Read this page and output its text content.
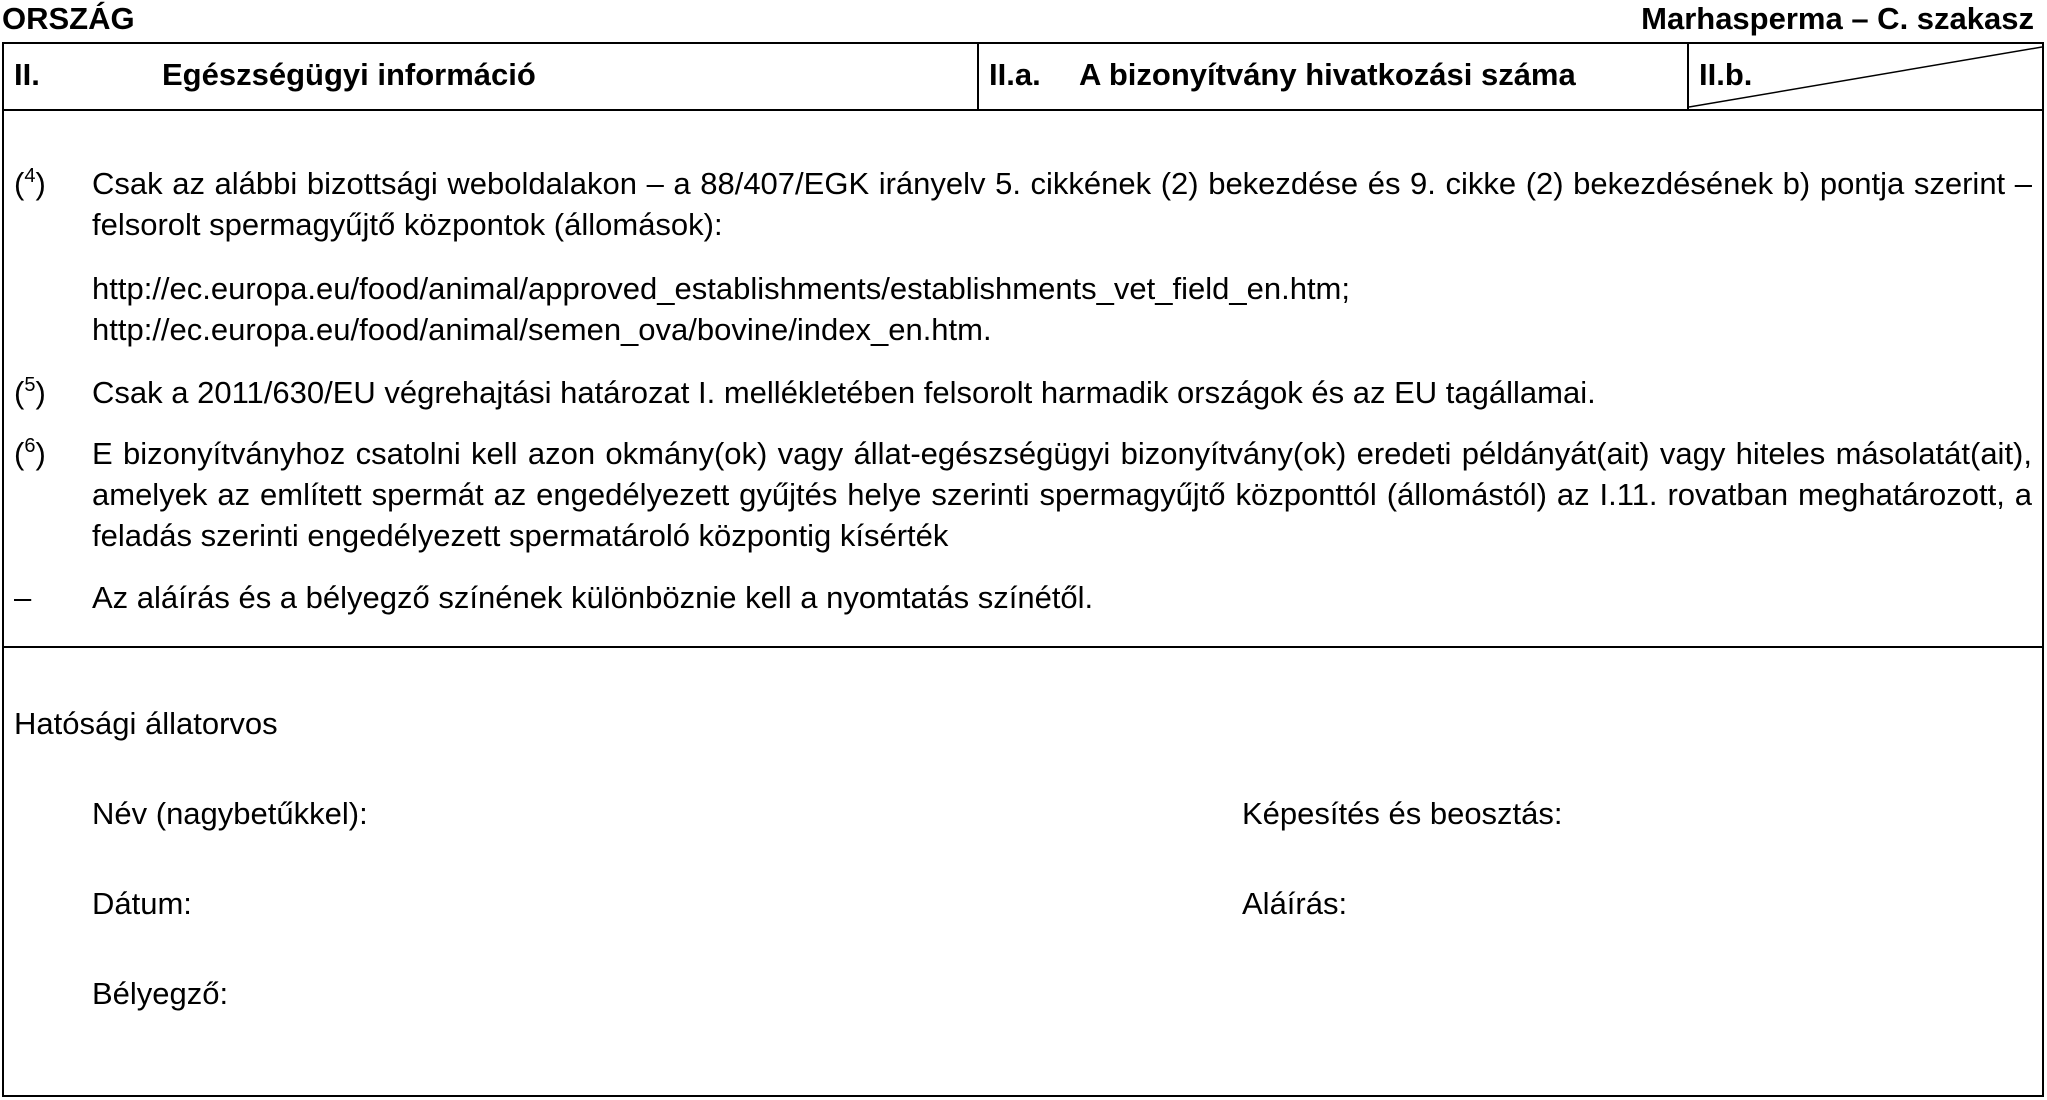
ORSZÁG	Marhasperma – C. szakasz
II.	Egészségügyi információ	II.a. A bizonyítvány hivatkozási száma	II.b.
($^4$) Csak az alábbi bizottsági weboldalakon – a 88/407/EGK irányelv 5. cikkének (2) bekezdése és 9. cikke (2) bekezdésének b) pontja szerint – felsorolt spermagyűjtő központok (állomások):
http://ec.europa.eu/food/animal/approved_establishments/establishments_vet_field_en.htm;
http://ec.europa.eu/food/animal/semen_ova/bovine/index_en.htm.
($^5$) Csak a 2011/630/EU végrehajtási határozat I. mellékletében felsorolt harmadik országok és az EU tagállamai.
($^6$) E bizonyítványhoz csatolni kell azon okmány(ok) vagy állat-egészségügyi bizonyítvány(ok) eredeti példányát(ait) vagy hiteles másolatát(ait), amelyek az említett spermát az engedélyezett gyűjtés helye szerinti spermagyűjtő központtól (állomástól) az I.11. rovatban meghatározott, a feladás szerinti engedélyezett spermatároló központig kísérték
– Az aláírás és a bélyegző színének különböznie kell a nyomtatás színétől.
Hatósági állatorvos
Név (nagybetűkkel):	Képesítés és beosztás:
Dátum:	Aláírás:
Bélyegző:
